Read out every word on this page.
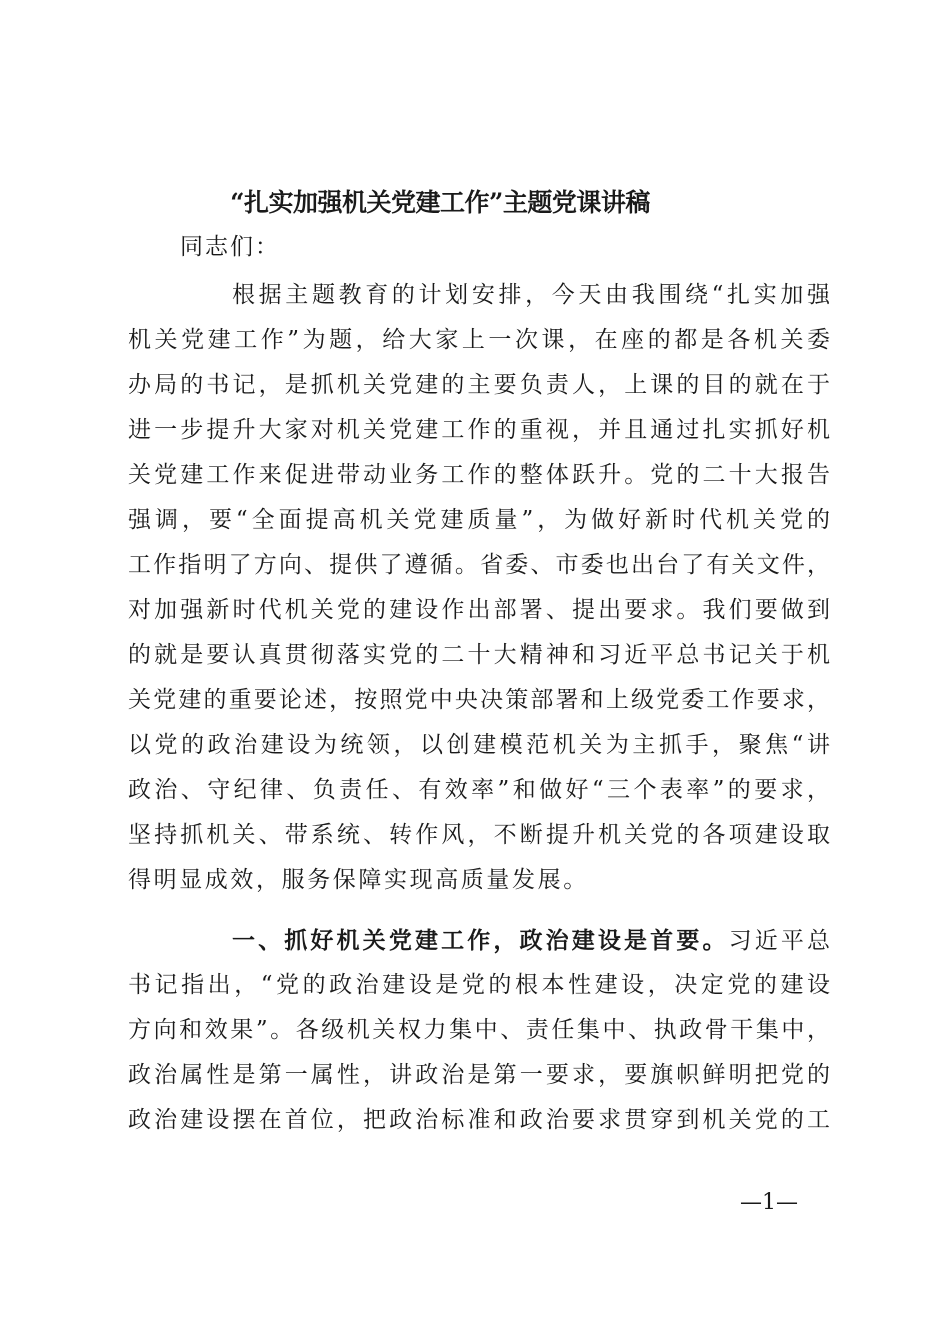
“扎实加强机关党建工作”主题党课讲稿
同志们：
根据主题教育的计划安排，今天由我围绕“扎实加强
机关党建工作”为题，给大家上一次课，在座的都是各机关委
办局的书记，是抓机关党建的主要负责人，上课的目的就在于
进一步提升大家对机关党建工作的重视，并且通过扎实抓好机
关党建工作来促进带动业务工作的整体跃升。党的二十大报告
强调，要“全面提高机关党建质量”，为做好新时代机关党的
工作指明了方向、提供了遵循。省委、市委也出台了有关文件，
对加强新时代机关党的建设作出部署、提出要求。我们要做到
的就是要认真贯彻落实党的二十大精神和习近平总书记关于机
关党建的重要论述，按照党中央决策部署和上级党委工作要求，
以党的政治建设为统领，以创建模范机关为主抓手，聚焦“讲
政治、守纪律、负责任、有效率”和做好“三个表率”的要求，
坚持抓机关、带系统、转作风，不断提升机关党的各项建设取
得明显成效，服务保障实现高质量发展。
一、抓好机关党建工作，政治建设是首要。习近平总
书记指出，“党的政治建设是党的根本性建设，决定党的建设
方向和效果”。各级机关权力集中、责任集中、执政骨干集中，
政治属性是第一属性，讲政治是第一要求，要旗帜鲜明把党的
政治建设摆在首位，把政治标准和政治要求贯穿到机关党的工
—1—
